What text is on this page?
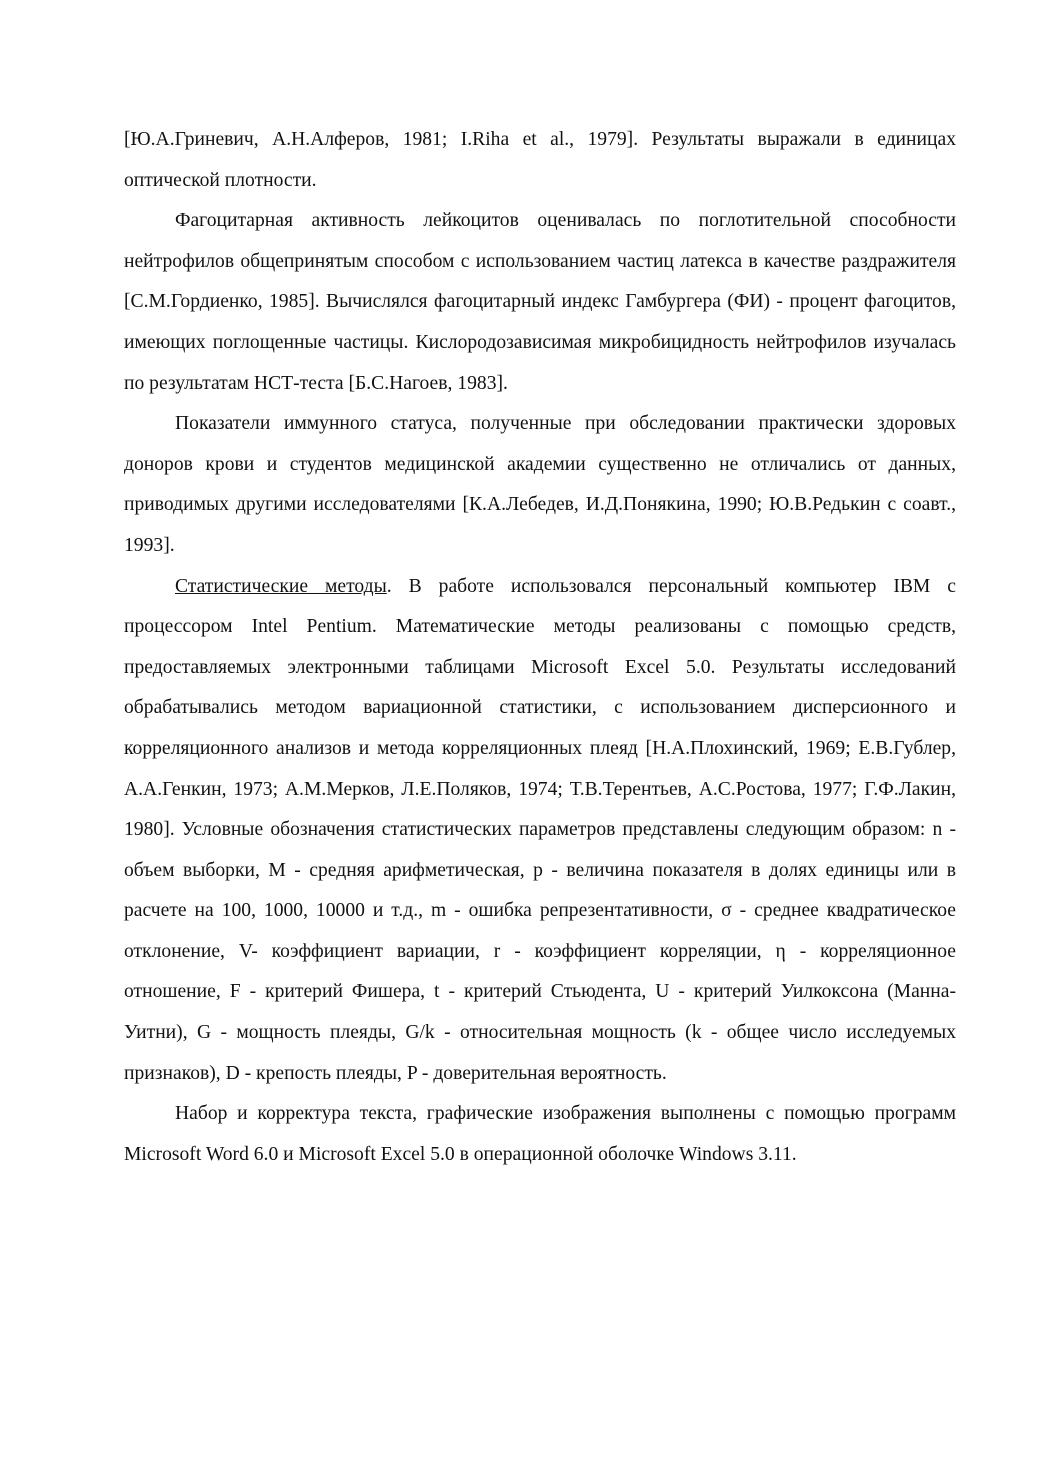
[Ю.А.Гриневич, А.Н.Алферов, 1981; I.Riha et al., 1979]. Результаты выражали в единицах оптической плотности.

Фагоцитарная активность лейкоцитов оценивалась по поглотительной способности нейтрофилов общепринятым способом с использованием частиц латекса в качестве раздражителя [С.М.Гордиенко, 1985]. Вычислялся фагоцитарный индекс Гамбургера (ФИ) - процент фагоцитов, имеющих поглощенные частицы. Кислородозависимая микробицидность нейтрофилов изучалась по результатам НСТ-теста [Б.С.Нагоев, 1983].

Показатели иммунного статуса, полученные при обследовании практически здоровых доноров крови и студентов медицинской академии существенно не отличались от данных, приводимых другими исследователями [К.А.Лебедев, И.Д.Понякина, 1990; Ю.В.Редькин с соавт., 1993].

Статистические методы. В работе использовался персональный компьютер IBM с процессором Intel Pentium. Математические методы реализованы с помощью средств, предоставляемых электронными таблицами Microsoft Excel 5.0. Результаты исследований обрабатывались методом вариационной статистики, с использованием дисперсионного и корреляционного анализов и метода корреляционных плеяд [Н.А.Плохинский, 1969; Е.В.Гублер, А.А.Генкин, 1973; А.М.Мерков, Л.Е.Поляков, 1974; Т.В.Терентьев, А.С.Ростова, 1977; Г.Ф.Лакин, 1980]. Условные обозначения статистических параметров представлены следующим образом: n - объем выборки, M - средняя арифметическая, p - величина показателя в долях единицы или в расчете на 100, 1000, 10000 и т.д., m - ошибка репрезентативности, σ - среднее квадратическое отклонение, V- коэффициент вариации, r - коэффициент корреляции, η - корреляционное отношение, F - критерий Фишера, t - критерий Стьюдента, U - критерий Уилкоксона (Манна-Уитни), G - мощность плеяды, G/k - относительная мощность (k - общее число исследуемых признаков), D - крепость плеяды, P - доверительная вероятность.

Набор и корректура текста, графические изображения выполнены с помощью программ Microsoft Word 6.0 и Microsoft Excel 5.0 в операционной оболочке Windows 3.11.
